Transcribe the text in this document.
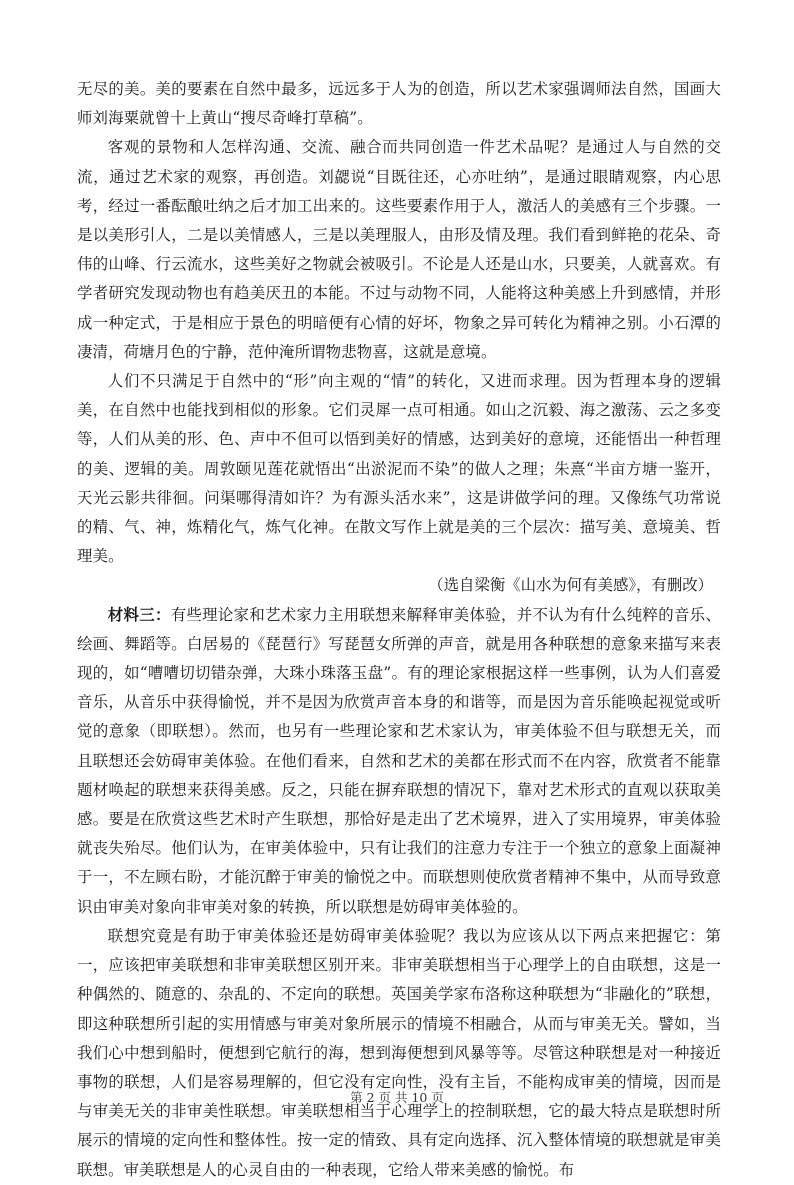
无尽的美。美的要素在自然中最多，远远多于人为的创造，所以艺术家强调师法自然，国画大师刘海粟就曾十上黄山“搜尽奇峰打草稿”。

客观的景物和人怎样沟通、交流、融合而共同创造一件艺术品呢？是通过人与自然的交流，通过艺术家的观察，再创造。刘勰说“目既往还，心亦吐纳”，是通过眼睛观察，内心思考，经过一番酝酿吐纳之后才加工出来的。这些要素作用于人，激活人的美感有三个步骤。一是以美形引人，二是以美情感人，三是以美理服人，由形及情及理。我们看到鲜艳的花朵、奇伟的山峰、行云流水，这些美好之物就会被吸引。不论是人还是山水，只要美，人就喜欢。有学者研究发现动物也有趋美厌丑的本能。不过与动物不同，人能将这种美感上升到感情，并形成一种定式，于是相应于景色的明暗便有心情的好坏，物象之异可转化为精神之别。小石潭的凄清，荷塘月色的宁静，范仲淹所谓物悲物喜，这就是意境。

人们不只满足于自然中的“形”向主观的“情”的转化，又进而求理。因为哲理本身的逻辑美，在自然中也能找到相似的形象。它们灵犀一点可相通。如山之沉毅、海之激荡、云之多变等，人们从美的形、色、声中不但可以悟到美好的情感，达到美好的意境，还能悟出一种哲理的美、逻辑的美。周敦颐见莲花就悟出“出淤泥而不染”的做人之理；朱熹“半亩方塘一鉴开，天光云影共徘徊。问渠哪得清如许？为有源头活水来”，这是讲做学问的理。又像练气功常说的精、气、神，炼精化气，炼气化神。在散文写作上就是美的三个层次：描写美、意境美、哲理美。

（选自梁衡《山水为何有美感》，有删改）

材料三：有些理论家和艺术家力主用联想来解释审美体验，并不认为有什么纯粹的音乐、绘画、舞蹈等。白居易的《琵琶行》写琵琶女所弹的声音，就是用各种联想的意象来描写来表现的，如“嘈嘈切切错杂弹，大珠小珠落玉盘”。有的理论家根据这样一些事例，认为人们喜爱音乐，从音乐中获得愉悦，并不是因为欣赏声音本身的和谐等，而是因为音乐能唤起视觉或听觉的意象（即联想）。然而，也另有一些理论家和艺术家认为，审美体验不但与联想无关，而且联想还会妨碍审美体验。在他们看来，自然和艺术的美都在形式而不在内容，欣赏者不能靠题材唤起的联想来获得美感。反之，只能在摒弃联想的情况下，靠对艺术形式的直观以获取美感。要是在欣赏这些艺术时产生联想，那恰好是走出了艺术境界，进入了实用境界，审美体验就丧失殆尽。他们认为，在审美体验中，只有让我们的注意力专注于一个独立的意象上面凝神于一，不左顾右盼，才能沉醉于审美的愉悦之中。而联想则使欣赏者精神不集中，从而导致意识由审美对象向非审美对象的转换，所以联想是妨碍审美体验的。

联想究竟是有助于审美体验还是妨碍审美体验呢？我以为应该从以下两点来把握它：第一，应该把审美联想和非审美联想区别开来。非审美联想相当于心理学上的自由联想，这是一种偶然的、随意的、杂乱的、不定向的联想。英国美学家布洛称这种联想为“非融化的”联想，即这种联想所引起的实用情感与审美对象所展示的情境不相融合，从而与审美无关。譬如，当我们心中想到船时，便想到它航行的海，想到海便想到风暴等等。尽管这种联想是对一种接近事物的联想，人们是容易理解的，但它没有定向性，没有主旨，不能构成审美的情境，因而是与审美无关的非审美性联想。审美联想相当于心理学上的控制联想，它的最大特点是联想时所展示的情境的定向性和整体性。按一定的情致、具有定向选择、沉入整体情境的联想就是审美联想。审美联想是人的心灵自由的一种表现，它给人带来美感的愉悦。布

第 2 页 共 10 页
